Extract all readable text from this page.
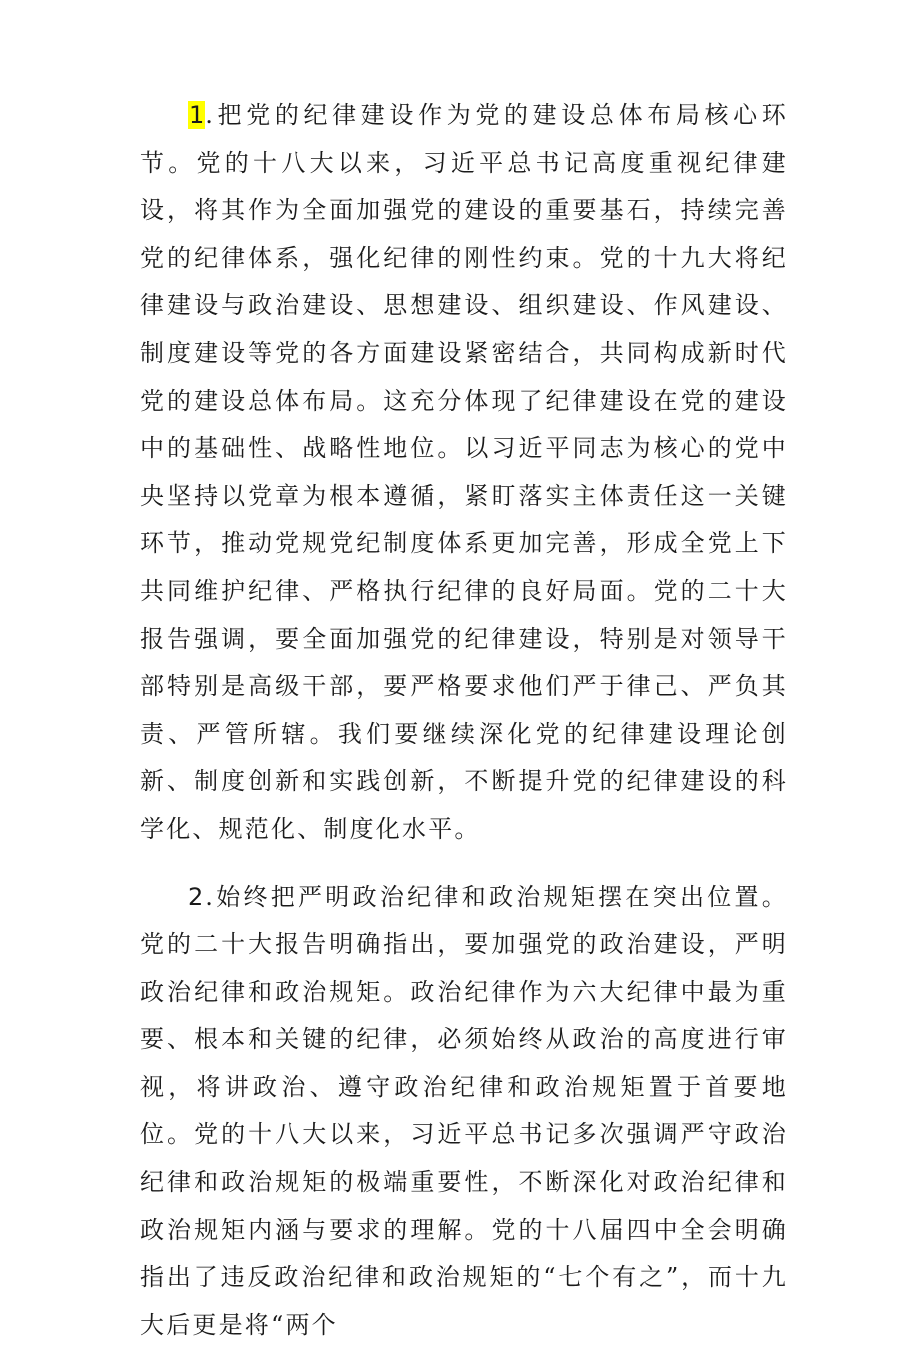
1.把党的纪律建设作为党的建设总体布局核心环节。党的十八大以来，习近平总书记高度重视纪律建设，将其作为全面加强党的建设的重要基石，持续完善党的纪律体系，强化纪律的刚性约束。党的十九大将纪律建设与政治建设、思想建设、组织建设、作风建设、制度建设等党的各方面建设紧密结合，共同构成新时代党的建设总体布局。这充分体现了纪律建设在党的建设中的基础性、战略性地位。以习近平同志为核心的党中央坚持以党章为根本遵循，紧盯落实主体责任这一关键环节，推动党规党纪制度体系更加完善，形成全党上下共同维护纪律、严格执行纪律的良好局面。党的二十大报告强调，要全面加强党的纪律建设，特别是对领导干部特别是高级干部，要严格要求他们严于律己、严负其责、严管所辖。我们要继续深化党的纪律建设理论创新、制度创新和实践创新，不断提升党的纪律建设的科学化、规范化、制度化水平。

2.始终把严明政治纪律和政治规矩摆在突出位置。党的二十大报告明确指出，要加强党的政治建设，严明政治纪律和政治规矩。政治纪律作为六大纪律中最为重要、根本和关键的纪律，必须始终从政治的高度进行审视，将讲政治、遵守政治纪律和政治规矩置于首要地位。党的十八大以来，习近平总书记多次强调严守政治纪律和政治规矩的极端重要性，不断深化对政治纪律和政治规矩内涵与要求的理解。党的十八届四中全会明确指出了违反政治纪律和政治规矩的“七个有之”，而十九大后更是将“两个
